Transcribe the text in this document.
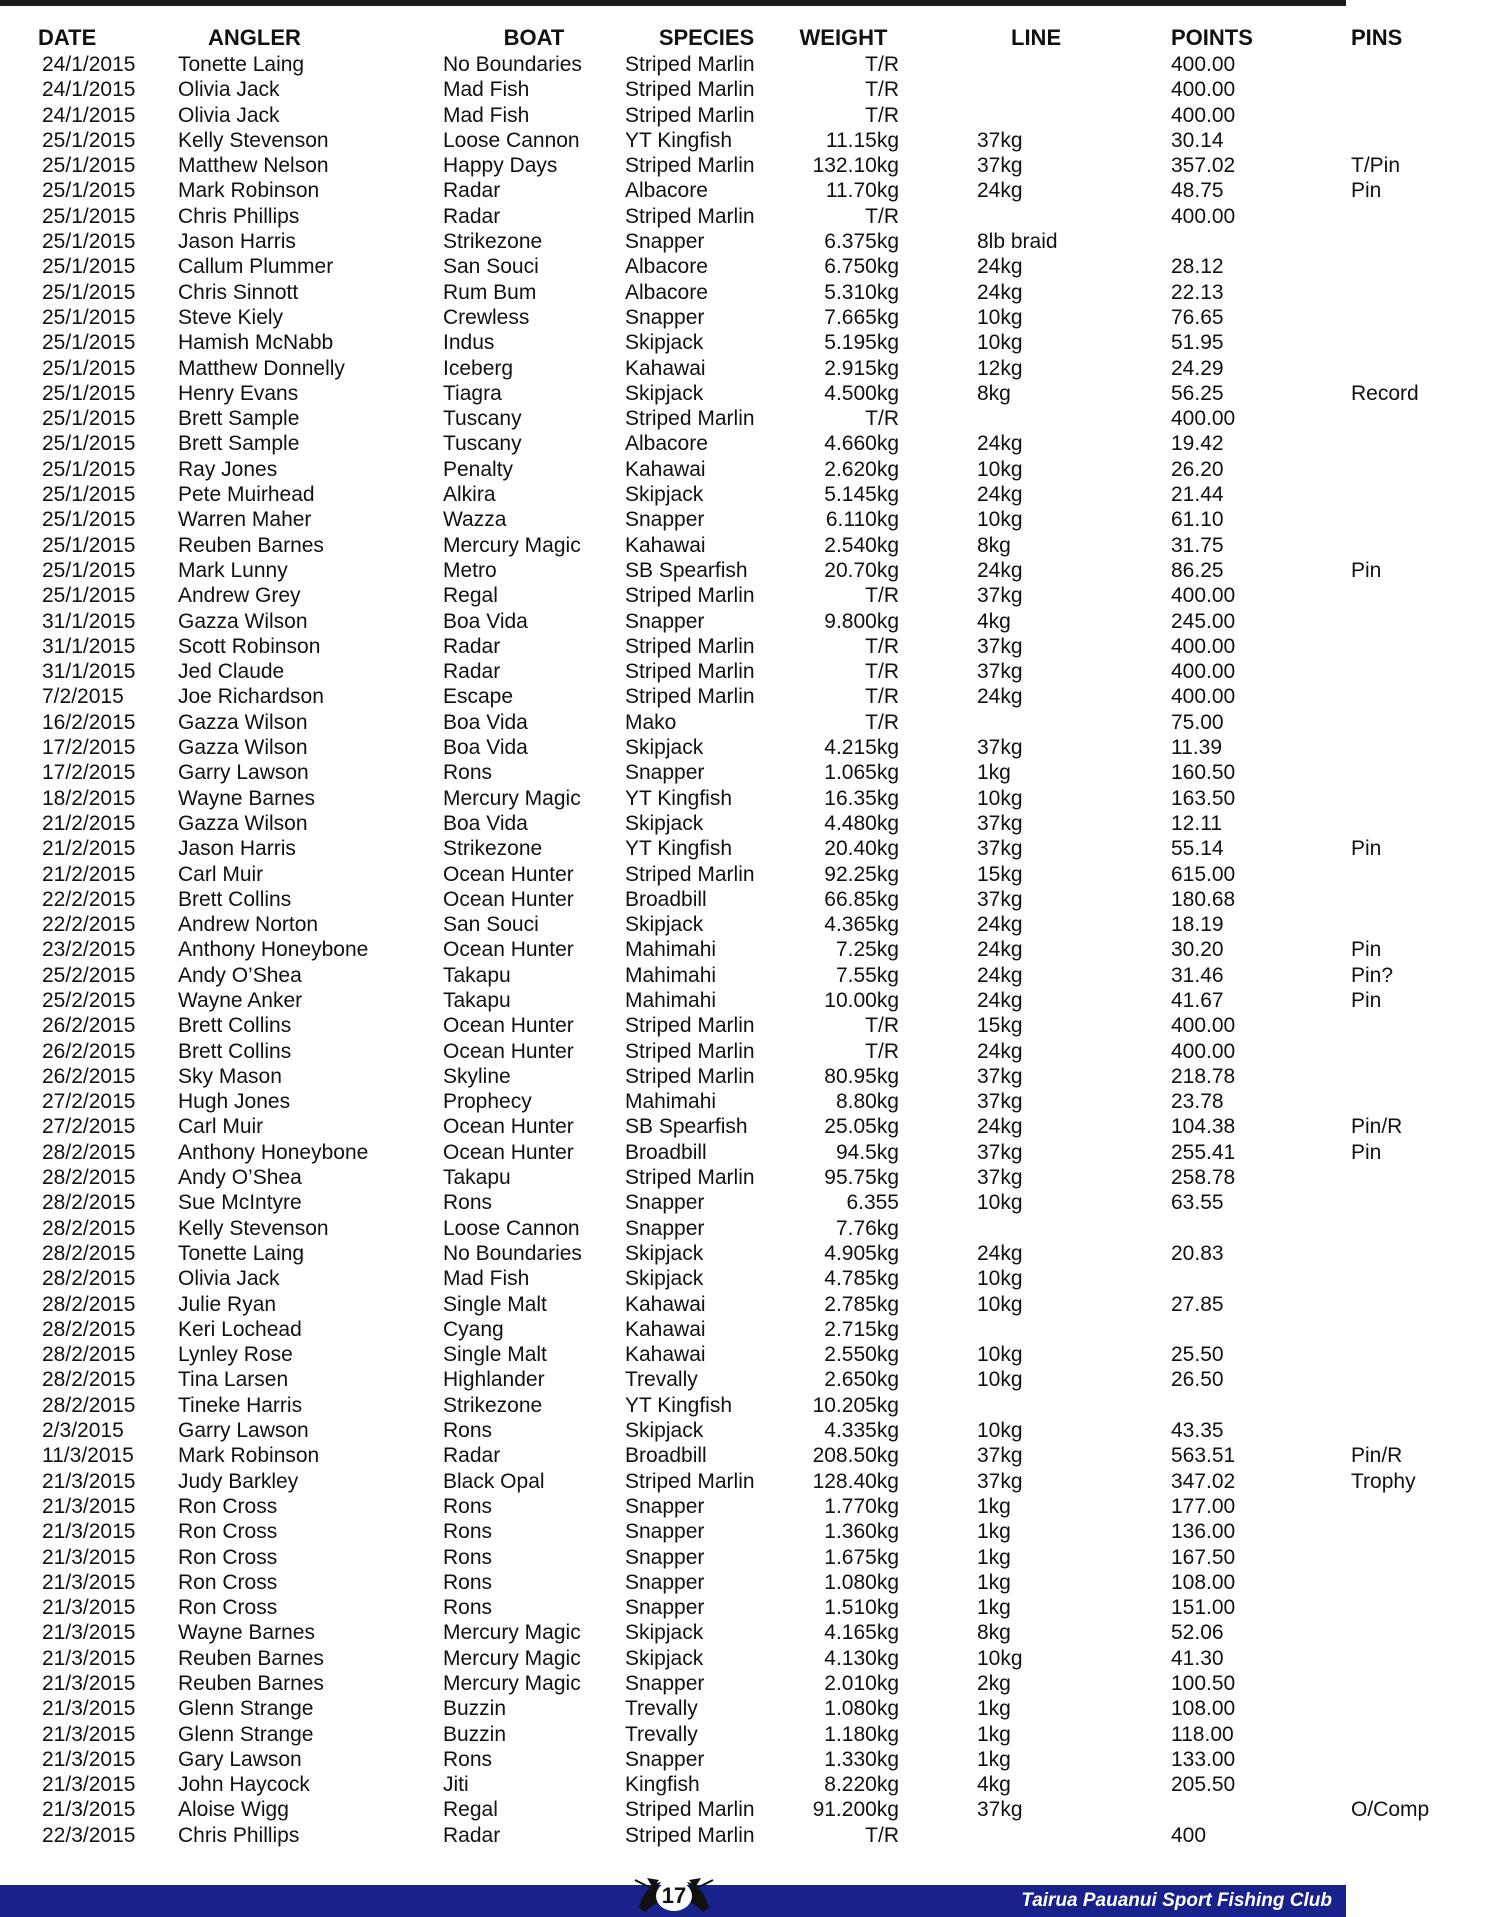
DATE	ANGLER	BOAT	SPECIES	WEIGHT	LINE	POINTS	PINS
24/1/2015	Tonette Laing	No Boundaries	Striped Marlin	T/R		400.00	
24/1/2015	Olivia Jack	Mad Fish	Striped Marlin	T/R		400.00	
24/1/2015	Olivia Jack	Mad Fish	Striped Marlin	T/R		400.00	
25/1/2015	Kelly Stevenson	Loose Cannon	YT Kingfish	11.15kg	37kg	30.14	
25/1/2015	Matthew Nelson	Happy Days	Striped Marlin	132.10kg	37kg	357.02	T/Pin
25/1/2015	Mark Robinson	Radar	Albacore	11.70kg	24kg	48.75	Pin
25/1/2015	Chris Phillips	Radar	Striped Marlin	T/R		400.00	
25/1/2015	Jason Harris	Strikezone	Snapper	6.375kg	8lb braid		
25/1/2015	Callum Plummer	San Souci	Albacore	6.750kg	24kg	28.12	
25/1/2015	Chris Sinnott	Rum Bum	Albacore	5.310kg	24kg	22.13	
25/1/2015	Steve Kiely	Crewless	Snapper	7.665kg	10kg	76.65	
25/1/2015	Hamish McNabb	Indus	Skipjack	5.195kg	10kg	51.95	
25/1/2015	Matthew Donnelly	Iceberg	Kahawai	2.915kg	12kg	24.29	
25/1/2015	Henry Evans	Tiagra	Skipjack	4.500kg	8kg	56.25	Record
25/1/2015	Brett Sample	Tuscany	Striped Marlin	T/R		400.00	
25/1/2015	Brett Sample	Tuscany	Albacore	4.660kg	24kg	19.42	
25/1/2015	Ray Jones	Penalty	Kahawai	2.620kg	10kg	26.20	
25/1/2015	Pete Muirhead	Alkira	Skipjack	5.145kg	24kg	21.44	
25/1/2015	Warren Maher	Wazza	Snapper	6.110kg	10kg	61.10	
25/1/2015	Reuben Barnes	Mercury Magic	Kahawai	2.540kg	8kg	31.75	
25/1/2015	Mark Lunny	Metro	SB Spearfish	20.70kg	24kg	86.25	Pin
25/1/2015	Andrew Grey	Regal	Striped Marlin	T/R	37kg	400.00	
31/1/2015	Gazza Wilson	Boa Vida	Snapper	9.800kg	4kg	245.00	
31/1/2015	Scott Robinson	Radar	Striped Marlin	T/R	37kg	400.00	
31/1/2015	Jed Claude	Radar	Striped Marlin	T/R	37kg	400.00	
7/2/2015	Joe Richardson	Escape	Striped Marlin	T/R	24kg	400.00	
16/2/2015	Gazza Wilson	Boa Vida	Mako	T/R		75.00	
17/2/2015	Gazza Wilson	Boa Vida	Skipjack	4.215kg	37kg	11.39	
17/2/2015	Garry Lawson	Rons	Snapper	1.065kg	1kg	160.50	
18/2/2015	Wayne Barnes	Mercury Magic	YT Kingfish	16.35kg	10kg	163.50	
21/2/2015	Gazza Wilson	Boa Vida	Skipjack	4.480kg	37kg	12.11	
21/2/2015	Jason Harris	Strikezone	YT Kingfish	20.40kg	37kg	55.14	Pin
21/2/2015	Carl Muir	Ocean Hunter	Striped Marlin	92.25kg	15kg	615.00	
22/2/2015	Brett Collins	Ocean Hunter	Broadbill	66.85kg	37kg	180.68	
22/2/2015	Andrew Norton	San Souci	Skipjack	4.365kg	24kg	18.19	
23/2/2015	Anthony Honeybone	Ocean Hunter	Mahimahi	7.25kg	24kg	30.20	Pin
25/2/2015	Andy O’Shea	Takapu	Mahimahi	7.55kg	24kg	31.46	Pin?
25/2/2015	Wayne Anker	Takapu	Mahimahi	10.00kg	24kg	41.67	Pin
26/2/2015	Brett Collins	Ocean Hunter	Striped Marlin	T/R	15kg	400.00	
26/2/2015	Brett Collins	Ocean Hunter	Striped Marlin	T/R	24kg	400.00	
26/2/2015	Sky Mason	Skyline	Striped Marlin	80.95kg	37kg	218.78	
27/2/2015	Hugh Jones	Prophecy	Mahimahi	8.80kg	37kg	23.78	
27/2/2015	Carl Muir	Ocean Hunter	SB Spearfish	25.05kg	24kg	104.38	Pin/R
28/2/2015	Anthony Honeybone	Ocean Hunter	Broadbill	94.5kg	37kg	255.41	Pin
28/2/2015	Andy O’Shea	Takapu	Striped Marlin	95.75kg	37kg	258.78	
28/2/2015	Sue McIntyre	Rons	Snapper	6.355	10kg	63.55	
28/2/2015	Kelly Stevenson	Loose Cannon	Snapper	7.76kg			
28/2/2015	Tonette Laing	No Boundaries	Skipjack	4.905kg	24kg	20.83	
28/2/2015	Olivia Jack	Mad Fish	Skipjack	4.785kg	10kg		
28/2/2015	Julie Ryan	Single Malt	Kahawai	2.785kg	10kg	27.85	
28/2/2015	Keri Lochead	Cyang	Kahawai	2.715kg			
28/2/2015	Lynley Rose	Single Malt	Kahawai	2.550kg	10kg	25.50	
28/2/2015	Tina Larsen	Highlander	Trevally	2.650kg	10kg	26.50	
28/2/2015	Tineke Harris	Strikezone	YT Kingfish	10.205kg			
2/3/2015	Garry Lawson	Rons	Skipjack	4.335kg	10kg	43.35	
11/3/2015	Mark Robinson	Radar	Broadbill	208.50kg	37kg	563.51	Pin/R
21/3/2015	Judy Barkley	Black Opal	Striped Marlin	128.40kg	37kg	347.02	Trophy
21/3/2015	Ron Cross	Rons	Snapper	1.770kg	1kg	177.00	
21/3/2015	Ron Cross	Rons	Snapper	1.360kg	1kg	136.00	
21/3/2015	Ron Cross	Rons	Snapper	1.675kg	1kg	167.50	
21/3/2015	Ron Cross	Rons	Snapper	1.080kg	1kg	108.00	
21/3/2015	Ron Cross	Rons	Snapper	1.510kg	1kg	151.00	
21/3/2015	Wayne Barnes	Mercury Magic	Skipjack	4.165kg	8kg	52.06	
21/3/2015	Reuben Barnes	Mercury Magic	Skipjack	4.130kg	10kg	41.30	
21/3/2015	Reuben Barnes	Mercury Magic	Snapper	2.010kg	2kg	100.50	
21/3/2015	Glenn Strange	Buzzin	Trevally	1.080kg	1kg	108.00	
21/3/2015	Glenn Strange	Buzzin	Trevally	1.180kg	1kg	118.00	
21/3/2015	Gary Lawson	Rons	Snapper	1.330kg	1kg	133.00	
21/3/2015	John Haycock	Jiti	Kingfish	8.220kg	4kg	205.50	
21/3/2015	Aloise Wigg	Regal	Striped Marlin	91.200kg	37kg		O/Comp
22/3/2015	Chris Phillips	Radar	Striped Marlin	T/R		400	
Tairua Pauanui Sport Fishing Club
17
